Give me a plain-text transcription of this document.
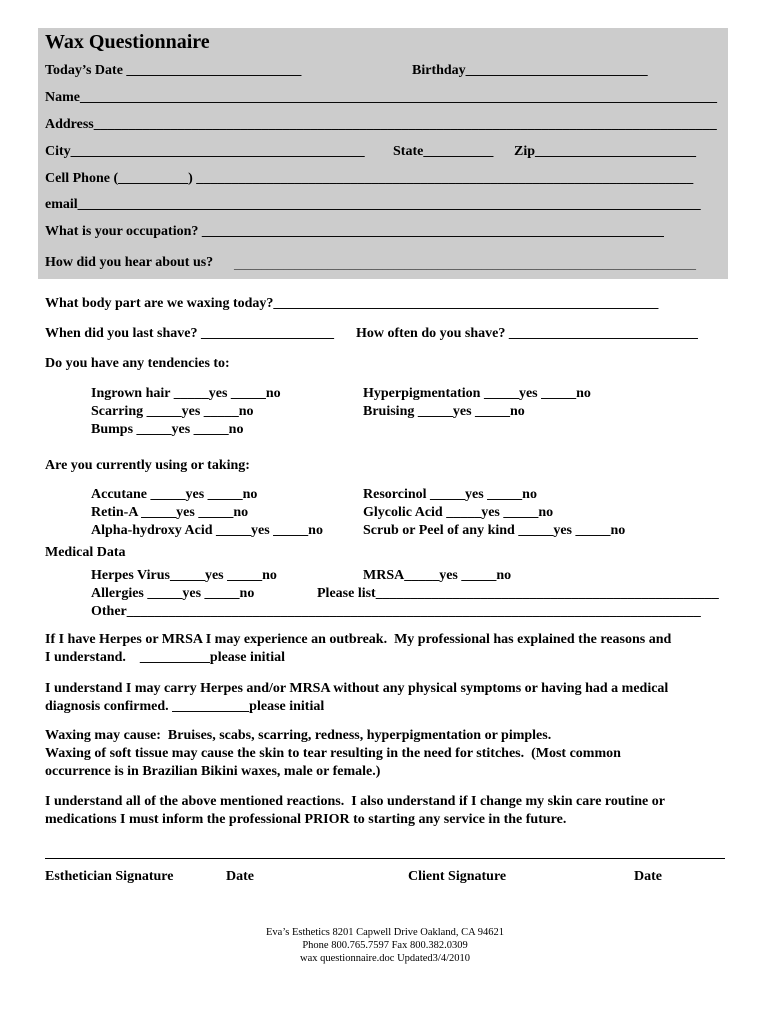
Wax Questionnaire
Today’s Date _________________________	Birthday__________________________
Name___________________________________________________________________________________________
Address_________________________________________________________________________________________
City__________________________________________ State__________ Zip_______________________
Cell Phone (__________) _______________________________________________________________________
email_________________________________________________________________________________________
What is your occupation? __________________________________________________________________
How did you hear about us? ____________________________________________________________________________________
What body part are we waxing today?_______________________________________________________
When did you last shave? ___________________ How often do you shave? ___________________________
Do you have any tendencies to:
Ingrown hair _____yes _____no	Hyperpigmentation _____yes _____no
Scarring _____yes _____no	Bruising _____yes _____no
Bumps _____yes _____no
Are you currently using or taking:
Accutane _____yes _____no	Resorcinol _____yes _____no
Retin-A _____yes _____no	Glycolic Acid _____yes _____no
Alpha-hydroxy Acid _____yes _____no	Scrub or Peel of any kind _____yes _____no
Medical Data
Herpes Virus_____yes _____no	MRSA_____yes _____no
Allergies _____yes _____no	Please list_________________________________________________
Other__________________________________________________________________________________
If I have Herpes or MRSA I may experience an outbreak.  My professional has explained the reasons and
I understand.    __________please initial
I understand I may carry Herpes and/or MRSA without any physical symptoms or having had a medical
diagnosis confirmed. ___________please initial
Waxing may cause:  Bruises, scabs, scarring, redness, hyperpigmentation or pimples.
Waxing of soft tissue may cause the skin to tear resulting in the need for stitches.  (Most common
occurrence is in Brazilian Bikini waxes, male or female.)
I understand all of the above mentioned reactions.  I also understand if I change my skin care routine or
medications I must inform the professional PRIOR to starting any service in the future.
Esthetician Signature	Date	Client Signature	Date
Eva’s Esthetics 8201 Capwell Drive Oakland, CA 94621
Phone 800.765.7597 Fax 800.382.0309
wax questionnaire.doc Updated3/4/2010
